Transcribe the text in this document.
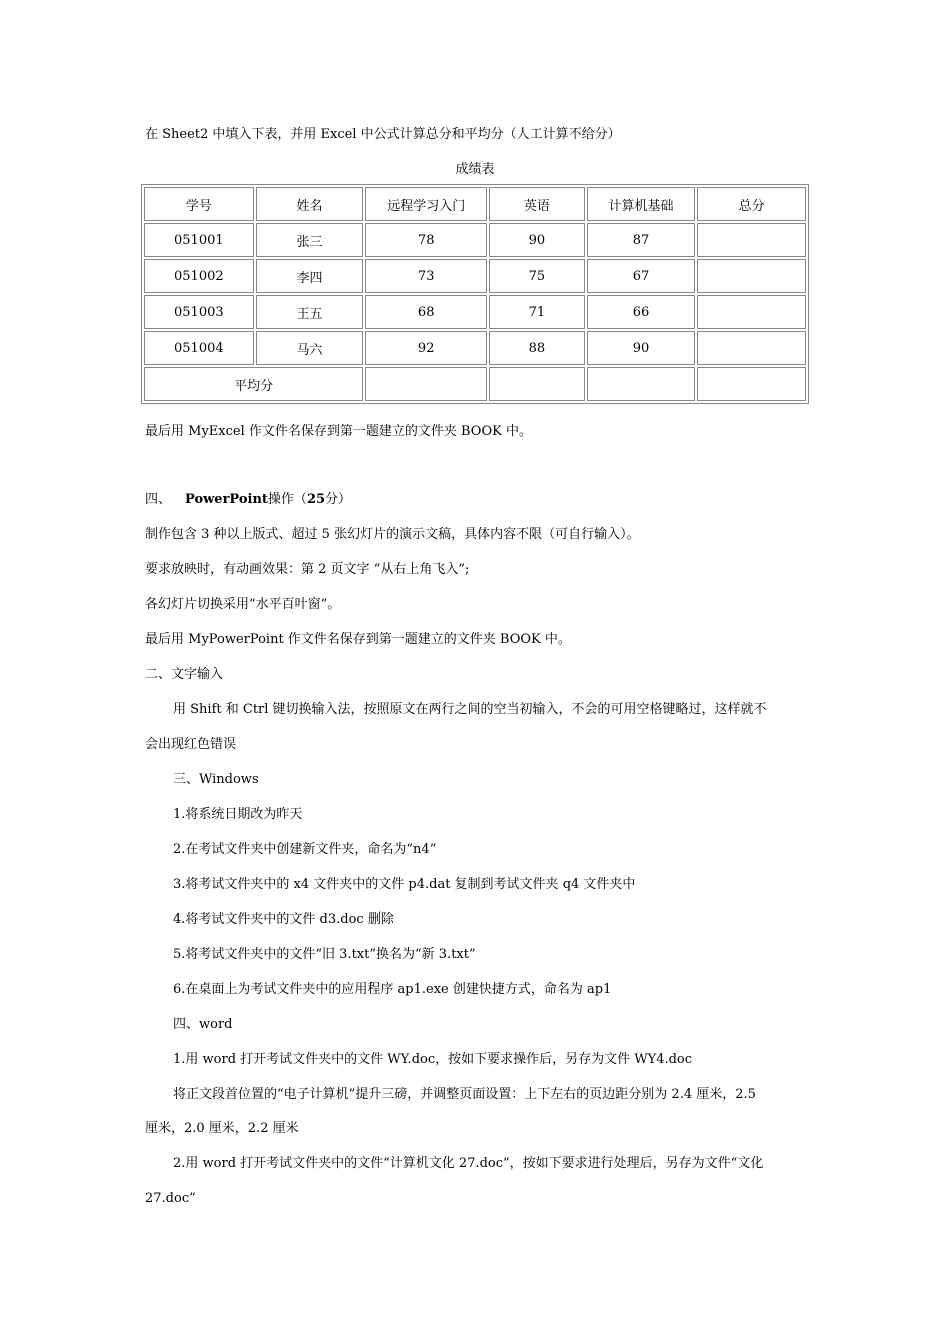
在 Sheet2 中填入下表，并用 Excel 中公式计算总分和平均分（人工计算不给分）
成绩表
学号	姓名	远程学习入门	英语	计算机基础	总分
051001	张三	78	90	87	
051002	李四	73	75	67	
051003	王五	68	71	66	
051004	马六	92	88	90	
平均分					
最后用 MyExcel 作文件名保存到第一题建立的文件夹 BOOK 中。
四、 PowerPoint操作（25分）
制作包含 3 种以上版式、超过 5 张幻灯片的演示文稿，具体内容不限（可自行输入）。
要求放映时，有动画效果：第 2 页文字 “从右上角飞入”;
各幻灯片切换采用“水平百叶窗”。
最后用 MyPowerPoint 作文件名保存到第一题建立的文件夹 BOOK 中。
二、文字输入
用 Shift 和 Ctrl 键切换输入法，按照原文在两行之间的空当初输入，不会的可用空格键略过，这样就不
会出现红色错误
三、Windows
1.将系统日期改为昨天
2.在考试文件夹中创建新文件夹，命名为“n4”
3.将考试文件夹中的 x4 文件夹中的文件 p4.dat 复制到考试文件夹 q4 文件夹中
4.将考试文件夹中的文件 d3.doc 删除
5.将考试文件夹中的文件“旧 3.txt”换名为“新 3.txt”
6.在桌面上为考试文件夹中的应用程序 ap1.exe 创建快捷方式，命名为 ap1
四、word
1.用 word 打开考试文件夹中的文件 WY.doc，按如下要求操作后，另存为文件 WY4.doc
将正文段首位置的“电子计算机”提升三磅，并调整页面设置：上下左右的页边距分别为 2.4 厘米，2.5
厘米，2.0 厘米，2.2 厘米
2.用 word 打开考试文件夹中的文件“计算机文化 27.doc”，按如下要求进行处理后，另存为文件“文化
27.doc”
